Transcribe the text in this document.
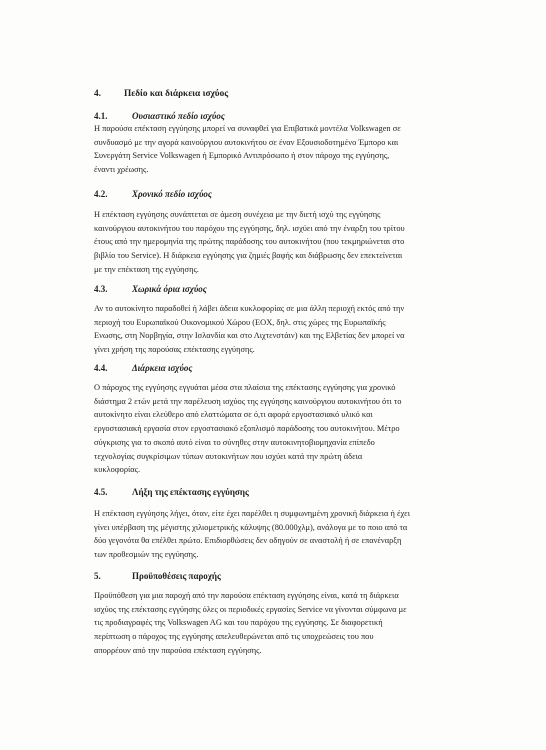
4. Πεδίο και διάρκεια ισχύος
4.1.	Ουσιαστικό πεδίο ισχύος
Η παρούσα επέκταση εγγύησης μπορεί να συναφθεί για Επιβατικά μοντέλα Volkswagen σε
συνδυασμό με την αγορά καινούργιου αυτοκινήτου σε έναν Εξουσιοδοτημένο Έμπορο και
Συνεργάτη Service Volkswagen ή Εμπορικό Αντιπρόσωπο ή στον πάροχο της εγγύησης,
έναντι χρέωσης.
4.2.	Χρονικό πεδίο ισχύος
Η επέκταση εγγύησης συνάπτεται σε άμεση συνέχεια με την διετή ισχύ της εγγύησης
καινούργιου αυτοκινήτου του παρόχου της εγγύησης, δηλ. ισχύει από την έναρξη του τρίτου
έτους από την ημερομηνία της πρώτης παράδοσης του αυτοκινήτου (που τεκμηριώνεται στο
βιβλίο του Service). Η διάρκεια εγγύησης για ζημιές βαφής και διάβρωσης δεν επεκτείνεται
με την επέκταση της εγγύησης.
4.3.	Χωρικά όρια ισχύος
Αν το αυτοκίνητο παραδοθεί ή λάβει άδεια κυκλοφορίας σε μια άλλη περιοχή εκτός από την
περιοχή του Ευρωπαϊκού Οικονομικού Χώρου (ΕΟΧ, δηλ. στις χώρες της Ευρωπαϊκής
Ενωσης, στη Νορβηγία, στην Ισλανδία και στο Λιχτενστάιν) και της Ελβετίας δεν μπορεί να
γίνει χρήση της παρούσας επέκτασης εγγύησης.
4.4.	Διάρκεια ισχύος
Ο πάροχος της εγγύησης εγγυάται μέσα στα πλαίσια της επέκτασης εγγύησης για χρονικό
διάστημα 2 ετών μετά την παρέλευση ισχύος της εγγύησης καινούργιου αυτοκινήτου ότι το
αυτοκίνητο είναι ελεύθερο από ελαττώματα σε ό,τι αφορά εργοστασιακό υλικό και
εργοστασιακή εργασία στον εργοστασιακό εξοπλισμό παράδοσης του αυτοκινήτου. Μέτρο
σύγκρισης για το σκοπό αυτό είναι το σύνηθες στην αυτοκινητοβιομηχανία επίπεδο
τεχνολογίας συγκρίσιμων τύπων αυτοκινήτων που ισχύει κατά την πρώτη άδεια
κυκλοφορίας.
4.5.	Λήξη της επέκτασης εγγύησης
Η επέκταση εγγύησης λήγει, όταν, είτε έχει παρέλθει η συμφωνημένη χρονική διάρκεια ή έχει
γίνει υπέρβαση της μέγιστης χιλιομετρικής κάλυψης (80.000χλμ), ανάλογα με το ποιο από τα
δύο γεγονότα θα επέλθει πρώτο. Επιδιορθώσεις δεν οδηγούν σε αναστολή ή σε επανέναρξη
των προθεσμιών της εγγύησης.
5.	Προϋποθέσεις παροχής
Προϋπόθεση για μια παροχή από την παρούσα επέκταση εγγύησης είναι, κατά τη διάρκεια
ισχύος της επέκτασης εγγύησης όλες οι περιοδικές εργασίες Service να γίνονται σύμφωνα με
τις προδιαγραφές της Volkswagen AG και του παρόχου της εγγύησης. Σε διαφορετική
περίπτωση ο πάροχος της εγγύησης απελευθερώνεται από τις υποχρεώσεις του που
απορρέουν από την παρούσα επέκταση εγγύησης.
